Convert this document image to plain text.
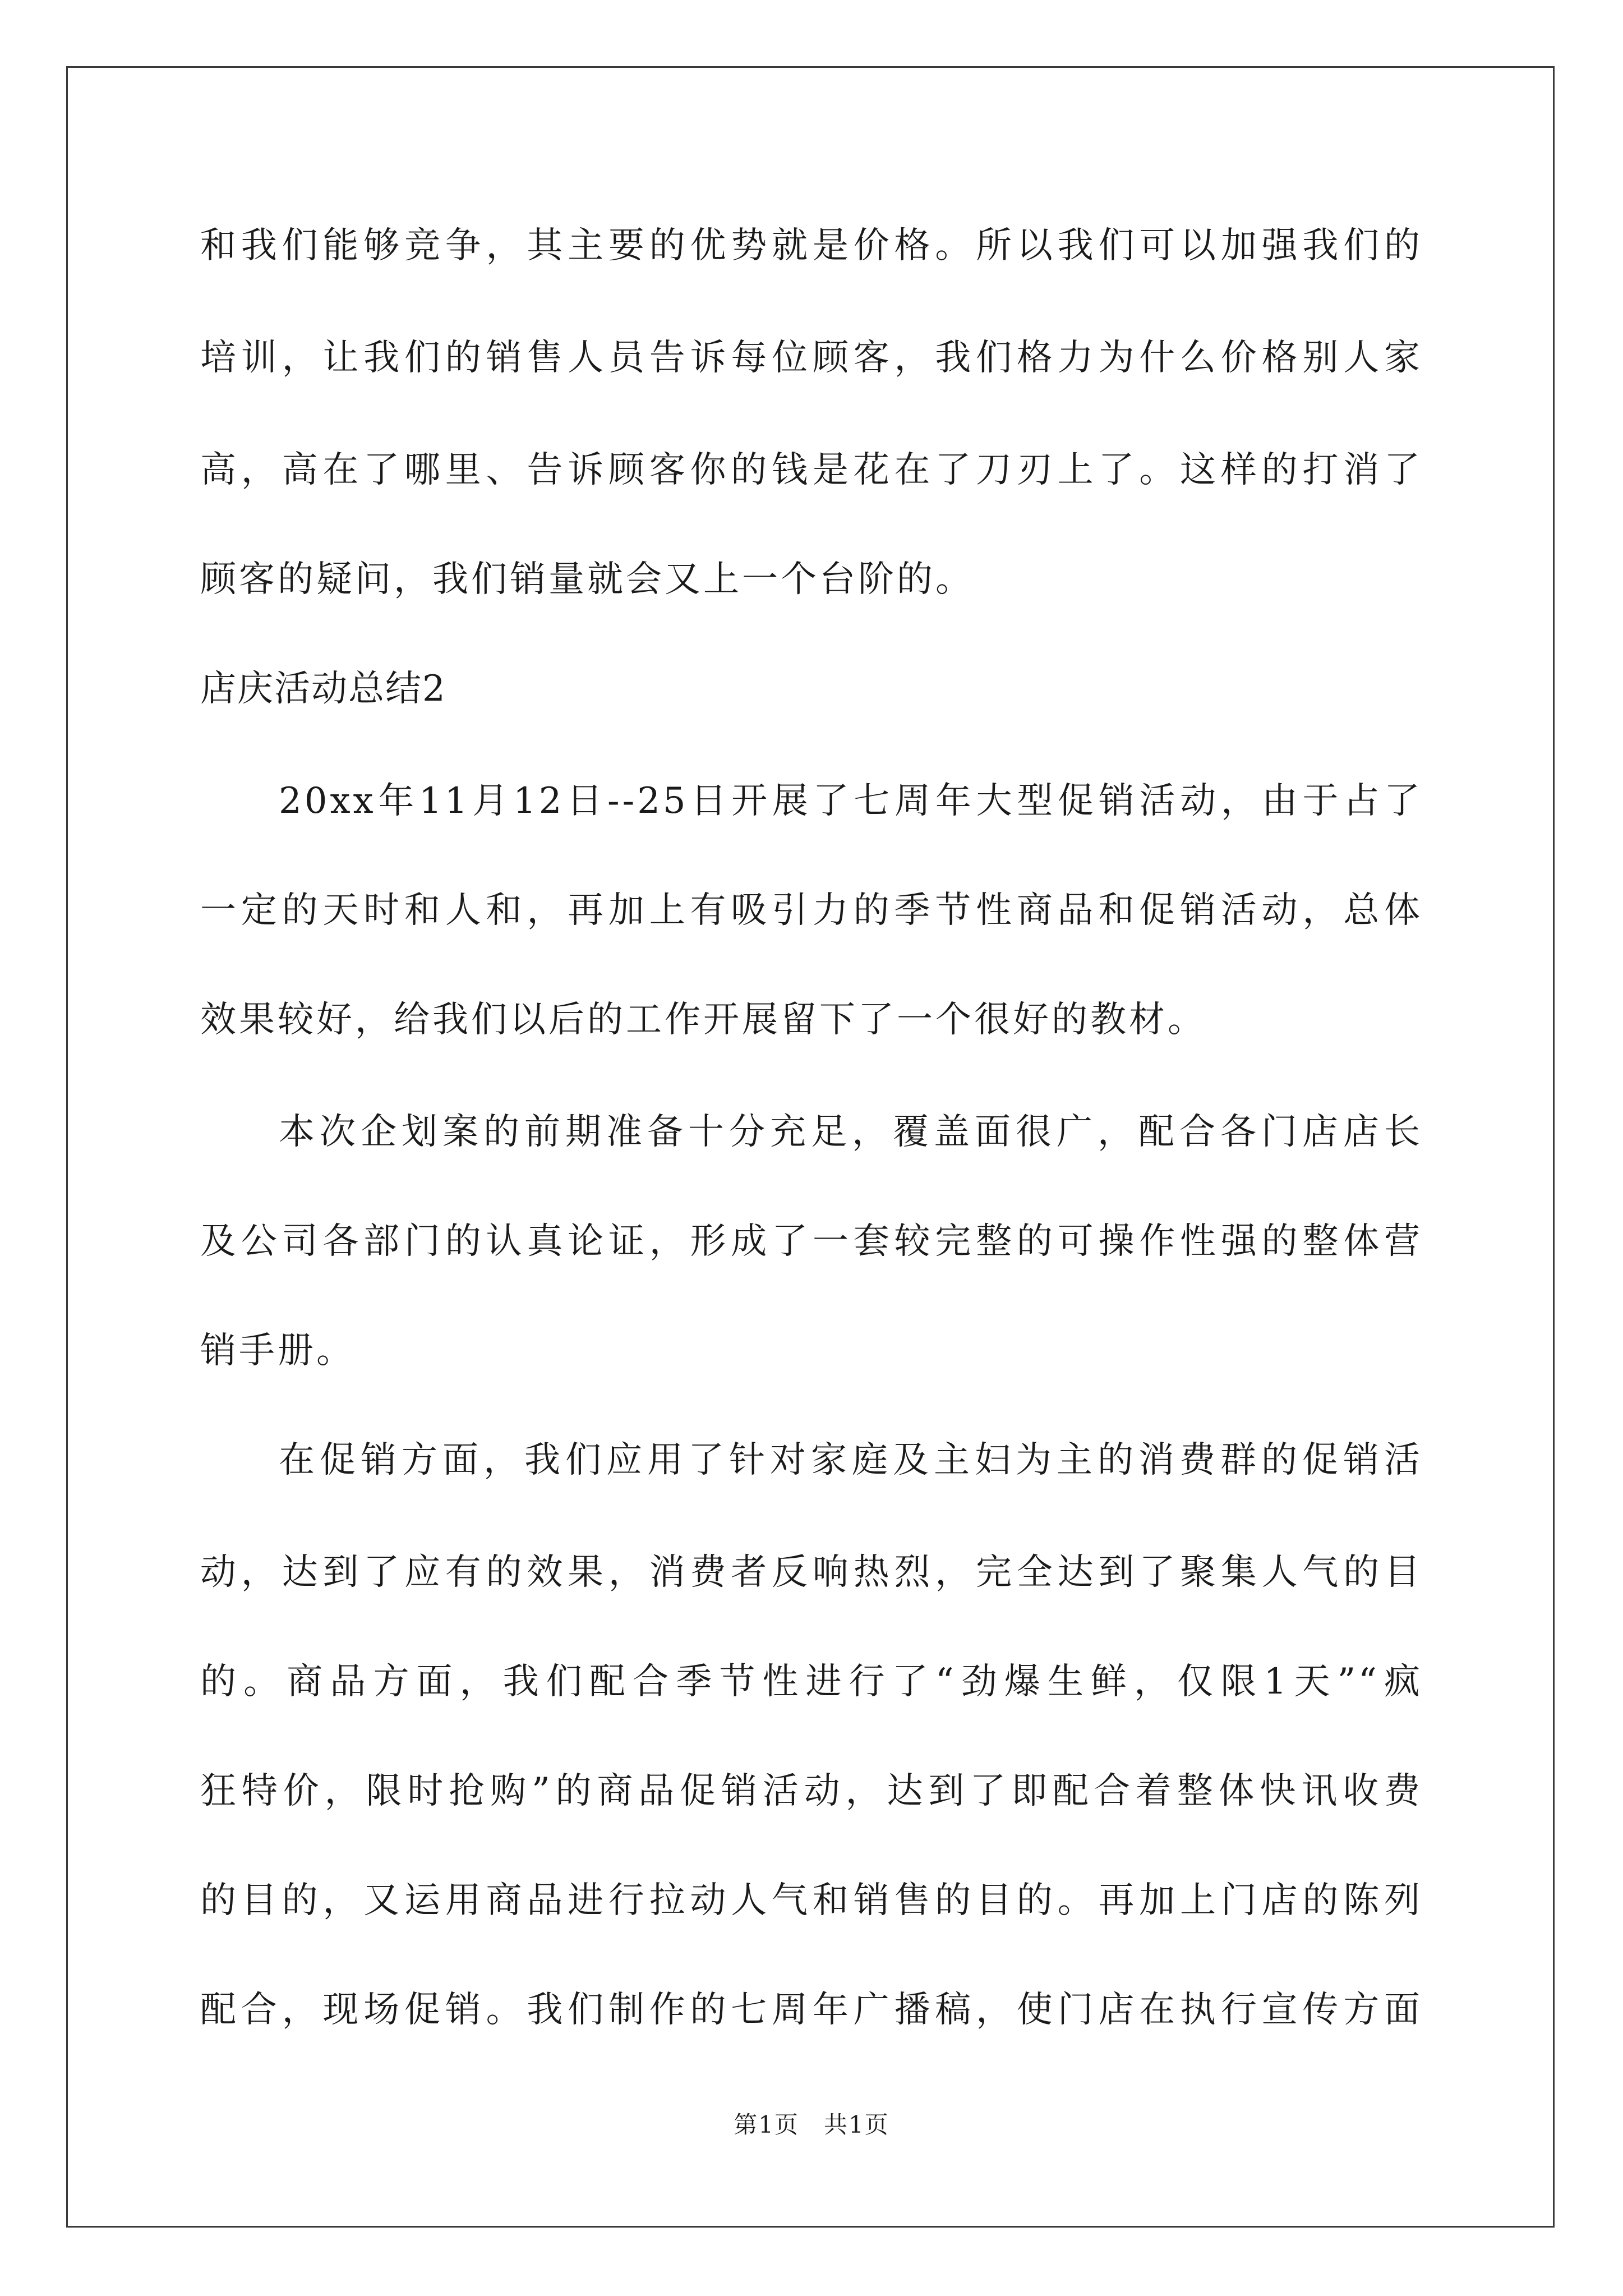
和我们能够竞争，其主要的优势就是价格。所以我们可以加强我们的
培训，让我们的销售人员告诉每位顾客，我们格力为什么价格别人家
高，高在了哪里、告诉顾客你的钱是花在了刀刃上了。这样的打消了
顾客的疑问，我们销量就会又上一个台阶的。
店庆活动总结2
20xx年11月12日--25日开展了七周年大型促销活动，由于占了
一定的天时和人和，再加上有吸引力的季节性商品和促销活动，总体
效果较好，给我们以后的工作开展留下了一个很好的教材。
本次企划案的前期准备十分充足，覆盖面很广，配合各门店店长
及公司各部门的认真论证，形成了一套较完整的可操作性强的整体营
销手册。
在促销方面，我们应用了针对家庭及主妇为主的消费群的促销活
动，达到了应有的效果，消费者反响热烈，完全达到了聚集人气的目
的。商品方面，我们配合季节性进行了“劲爆生鲜，仅限1天”“疯
狂特价，限时抢购”的商品促销活动，达到了即配合着整体快讯收费
的目的，又运用商品进行拉动人气和销售的目的。再加上门店的陈列
配合，现场促销。我们制作的七周年广播稿，使门店在执行宣传方面
第1页　共1页
